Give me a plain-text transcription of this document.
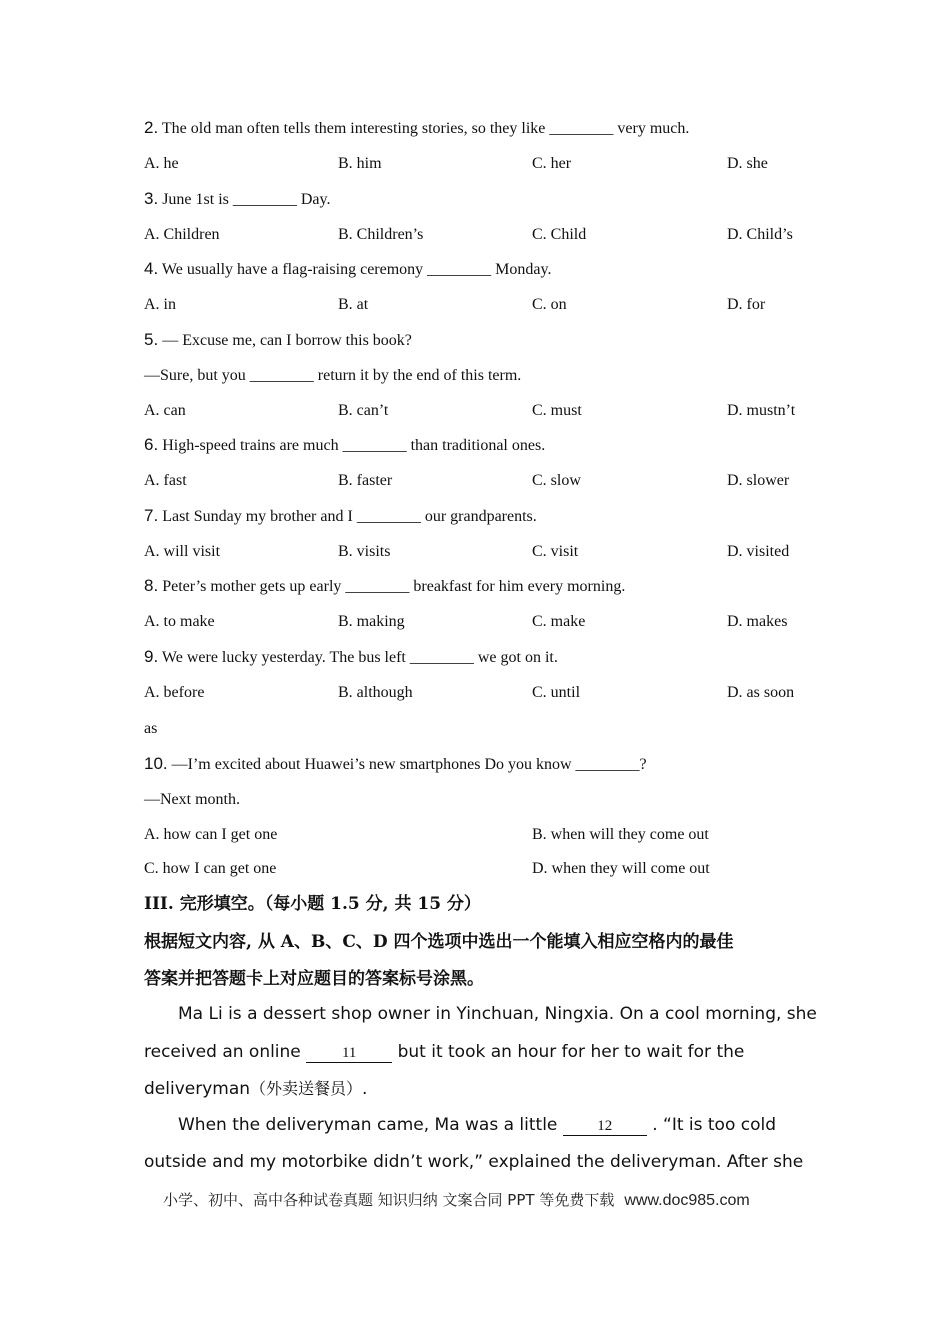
2. The old man often tells them interesting stories, so they like ________ very much.
A. he	B. him	C. her	D. she
3. June 1st is ________ Day.
A. Children	B. Children’s	C. Child	D. Child’s
4. We usually have a flag-raising ceremony ________ Monday.
A. in	B. at	C. on	D. for
5. — Excuse me, can I borrow this book?
—Sure, but you ________ return it by the end of this term.
A. can	B. can’t	C. must	D. mustn’t
6. High-speed trains are much ________ than traditional ones.
A. fast	B. faster	C. slow	D. slower
7. Last Sunday my brother and I ________ our grandparents.
A. will visit	B. visits	C. visit	D. visited
8. Peter’s mother gets up early ________ breakfast for him every morning.
A. to make	B. making	C. make	D. makes
9. We were lucky yesterday. The bus left ________ we got on it.
A. before	B. although	C. until	D. as soon
as
10. —I’m excited about Huawei’s new smartphones Do you know ________?
—Next month.
A. how can I get one	B. when will they come out
C. how I can get one	D. when they will come out
III. 完形填空。（每小题 1.5 分, 共 15 分）
根据短文内容, 从 A、B、C、D 四个选项中选出一个能填入相应空格内的最佳
答案并把答题卡上对应题目的答案标号涂黑。
Ma Li is a dessert shop owner in Yinchuan, Ningxia. On a cool morning, she
received an online	11 but it took an hour for her to wait for the
deliveryman（外卖送餐员）.
When the deliveryman came, Ma was a little	12 . “It is too cold
outside and my motorbike didn’t work,” explained the deliveryman. After she
小学、初中、高中各种试卷真题 知识归纳 文案合同 PPT 等免费下载 www.doc985.com
